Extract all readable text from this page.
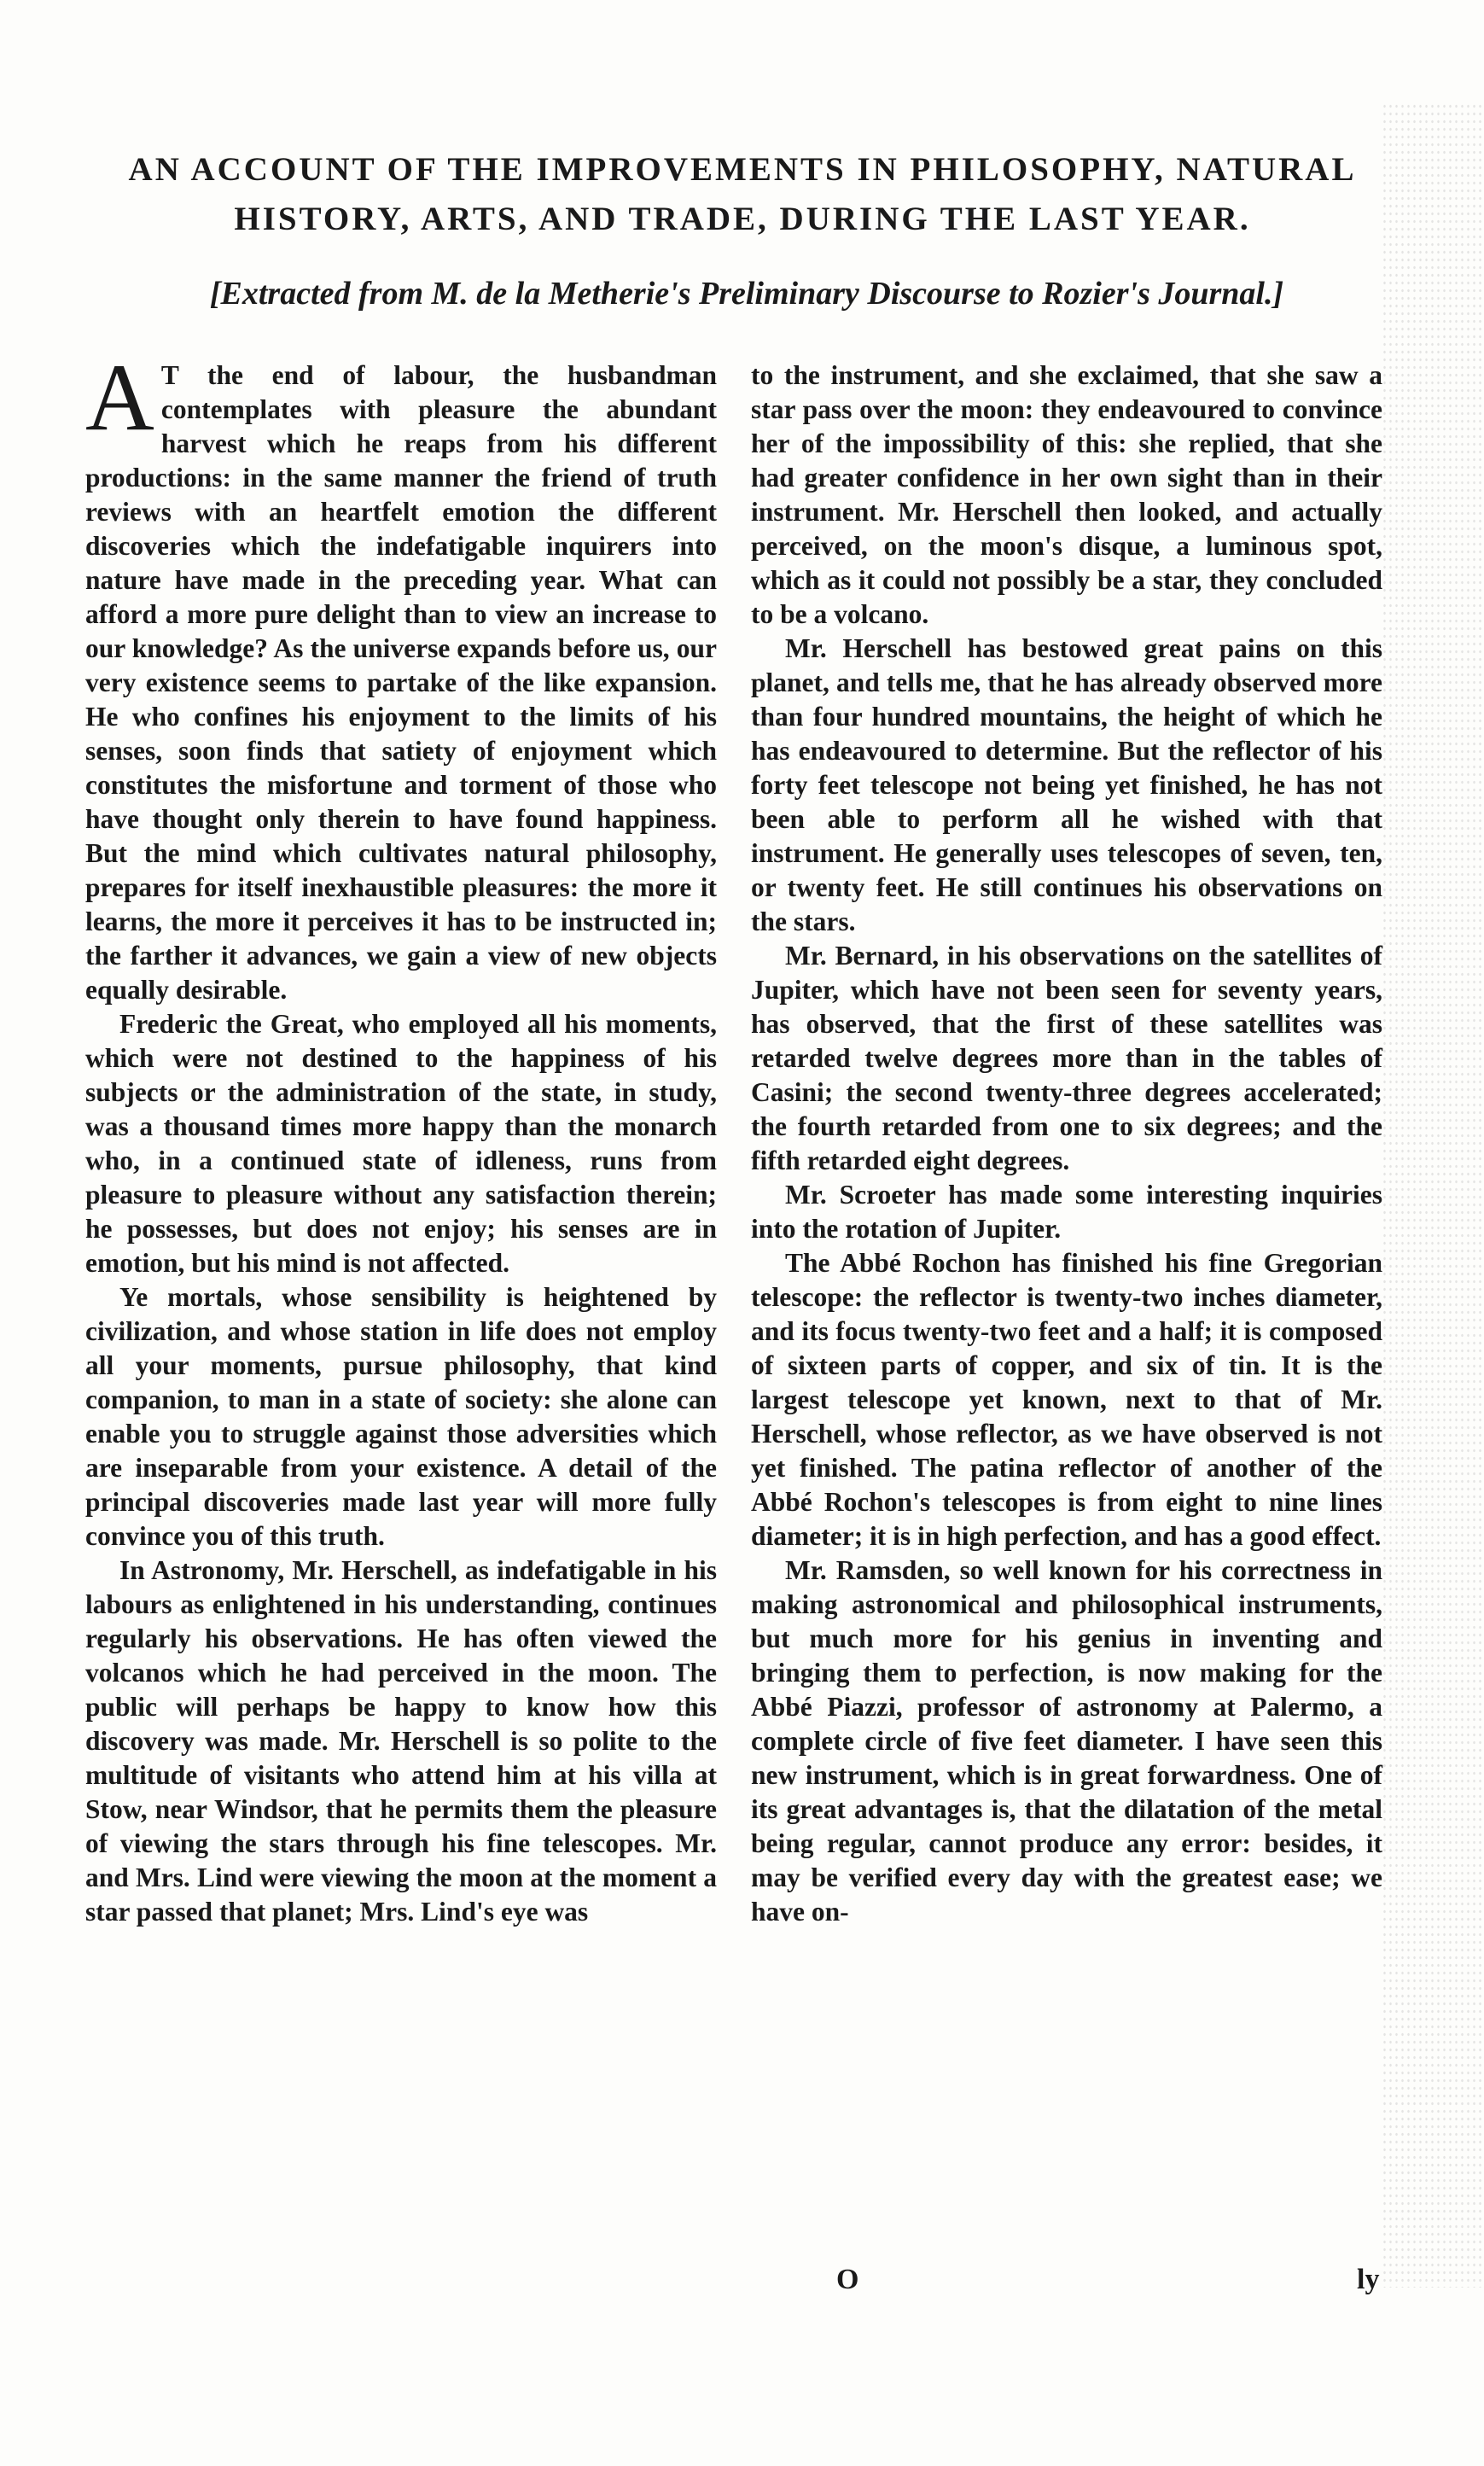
AN ACCOUNT OF THE IMPROVEMENTS IN PHILOSOPHY, NATURAL
HISTORY, ARTS, AND TRADE, DURING THE LAST YEAR.
[Extracted from M. de la Metherie's Preliminary Discourse to Rozier's Journal.]

A T the end of labour, the husbandman contemplates with pleasure the abundant harvest which he reaps from his different productions: in the same manner the friend of truth reviews with an heartfelt emotion the different discoveries which the indefatigable inquirers into nature have made in the preceding year. What can afford a more pure delight than to view an increase to our knowledge? As the universe expands before us, our very existence seems to partake of the like expansion. He who confines his enjoyment to the limits of his senses, soon finds that satiety of enjoyment which constitutes the misfortune and torment of those who have thought only therein to have found happiness. But the mind which cultivates natural philosophy, prepares for itself inexhaustible pleasures: the more it learns, the more it perceives it has to be instructed in; the farther it advances, we gain a view of new objects equally desirable.

Frederic the Great, who employed all his moments, which were not destined to the happiness of his subjects or the administration of the state, in study, was a thousand times more happy than the monarch who, in a continued state of idleness, runs from pleasure to pleasure without any satisfaction therein; he possesses, but does not enjoy; his senses are in emotion, but his mind is not affected.

Ye mortals, whose sensibility is heightened by civilization, and whose station in life does not employ all your moments, pursue philosophy, that kind companion, to man in a state of society: she alone can enable you to struggle against those adversities which are inseparable from your existence. A detail of the principal discoveries made last year will more fully convince you of this truth.

In Astronomy, Mr. Herschell, as indefatigable in his labours as enlightened in his understanding, continues regularly his observations. He has often viewed the volcanos which he had perceived in the moon. The public will perhaps be happy to know how this discovery was made. Mr. Herschell is so polite to the multitude of visitants who attend him at his villa at Stow, near Windsor, that he permits them the pleasure of viewing the stars through his fine telescopes. Mr. and Mrs. Lind were viewing the moon at the moment a star passed that planet; Mrs. Lind's eye was

to the instrument, and she exclaimed, that she saw a star pass over the moon: they endeavoured to convince her of the impossibility of this: she replied, that she had greater confidence in her own sight than in their instrument. Mr. Herschell then looked, and actually perceived, on the moon's disque, a luminous spot, which as it could not possibly be a star, they concluded to be a volcano.

Mr. Herschell has bestowed great pains on this planet, and tells me, that he has already observed more than four hundred mountains, the height of which he has endeavoured to determine. But the reflector of his forty feet telescope not being yet finished, he has not been able to perform all he wished with that instrument. He generally uses telescopes of seven, ten, or twenty feet. He still continues his observations on the stars.

Mr. Bernard, in his observations on the satellites of Jupiter, which have not been seen for seventy years, has observed, that the first of these satellites was retarded twelve degrees more than in the tables of Casini; the second twenty-three degrees accelerated; the fourth retarded from one to six degrees; and the fifth retarded eight degrees.

Mr. Scroeter has made some interesting inquiries into the rotation of Jupiter.

The Abbé Rochon has finished his fine Gregorian telescope: the reflector is twenty-two inches diameter, and its focus twenty-two feet and a half; it is composed of sixteen parts of copper, and six of tin. It is the largest telescope yet known, next to that of Mr. Herschell, whose reflector, as we have observed is not yet finished. The patina reflector of another of the Abbé Rochon's telescopes is from eight to nine lines diameter; it is in high perfection, and has a good effect.

Mr. Ramsden, so well known for his correctness in making astronomical and philosophical instruments, but much more for his genius in inventing and bringing them to perfection, is now making for the Abbé Piazzi, professor of astronomy at Palermo, a complete circle of five feet diameter. I have seen this new instrument, which is in great forwardness. One of its great advantages is, that the dilatation of the metal being regular, cannot produce any error: besides, it may be verified every day with the greatest ease; we have on-

O	ly
